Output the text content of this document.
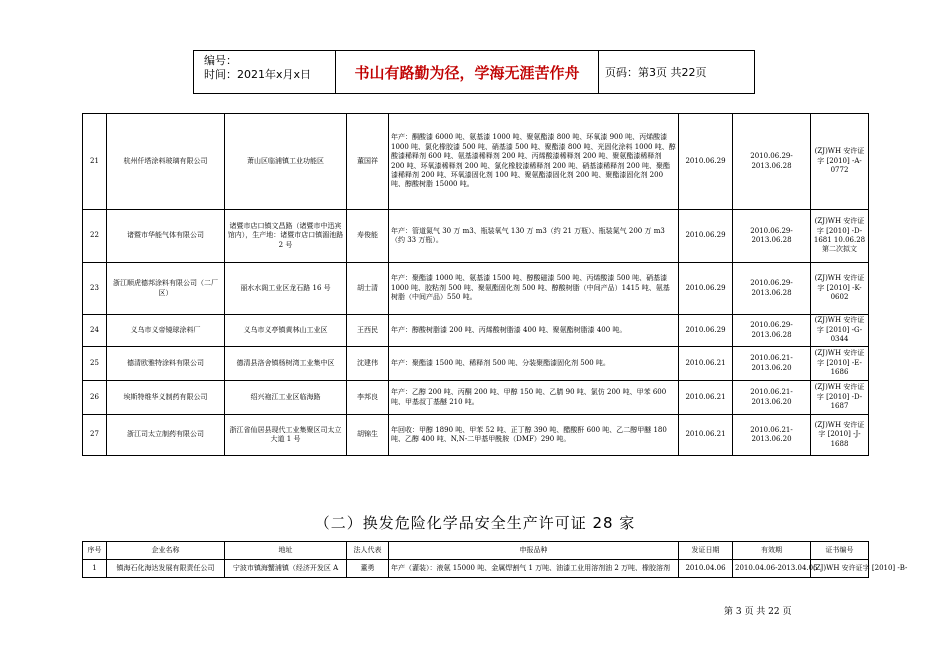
编号：
时间：2021年x月x日	书山有路勤为径，学海无涯苦作舟	页码：第3页 共22页
21	杭州仟塔涂料玻璃有限公司	萧山区临浦镇工业功能区	董国祥	年产：酮酸漆 6000 吨、氨基漆 1000 吨、聚氨酯漆 800 吨、环氧漆 900 吨、丙烯酸漆 1000 吨、氯化橡胶漆 500 吨、硝基漆 500 吨、聚酯漆 800 吨、光固化涂料 1000 吨、醇酸漆稀释剂 600 吨、氨基漆稀释剂 200 吨、丙烯酸漆稀释剂 200 吨、聚氨酯漆稀释剂 200 吨、环氧漆稀释剂 200 吨、氯化橡胶漆稀释剂 200 吨、硝基漆稀释剂 200 吨、聚酯漆稀释剂 200 吨、环氧漆固化剂 100 吨、聚氨酯漆固化剂 200 吨、聚酯漆固化剂 200 吨、醇酸树脂 15000 吨。	2010.06.29	2010.06.29-2013.06.28	(ZJ)WH 安许证字 [2010] -A-0772
22	诸暨市华能气体有限公司	诸暨市店口镇文昌路（诸暨市中迅宾馆内），生产地：诸暨市店口镇湄池路 2 号	寿俊能	年产：管道氮气 30 万 m3、瓶装氧气 130 万 m3（约 21 万瓶）、瓶装氮气 200 万 m3（约 33 万瓶）。	2010.06.29	2010.06.29-2013.06.28	(ZJ)WH 安许证字 [2010] -D-1681 10.06.28 第二次拟文
23	浙江顺虎德邦涂料有限公司（二厂区）	丽水水阁工业区龙石路 16 号	胡士清	年产：聚酯漆 1000 吨、氨基漆 1500 吨、醇酸磁漆 500 吨、丙烯酸漆 500 吨、硝基漆 1000 吨、胶粘剂 500 吨、聚氨酯固化剂 500 吨、醇酸树脂（中间产品）1415 吨、氨基树脂（中间产品）550 吨。	2010.06.29	2010.06.29-2013.06.28	(ZJ)WH 安许证字 [2010] -K-0602
24	义乌市义帝镜球涂料厂	义乌市义亭镇黄林山工业区	王西民	年产：醇酸树脂漆 200 吨、丙烯酸树脂漆 400 吨、聚氨酯树脂漆 400 吨。	2010.06.29	2010.06.29-2013.06.28	(ZJ)WH 安许证字 [2010] -G-0344
25	德清欧雅特涂料有限公司	德清县洛舍镇杨树湾工业集中区	沈建伟	年产：聚酯漆 1500 吨、稀释剂 500 吨、分装聚酯漆固化剂 500 吨。	2010.06.21	2010.06.21-2013.06.20	(ZJ)WH 安许证字 [2010] -E-1686
26	埃斯特维华义制药有限公司	绍兴袍江工业区临海路	李邦良	年产：乙醇 200 吨、丙酮 200 吨、甲醇 150 吨、乙腈 90 吨、氯仿 200 吨、甲苯 600 吨、甲基叔丁基醚 210 吨。	2010.06.21	2010.06.21-2013.06.20	(ZJ)WH 安许证字 [2010] -D-1687
27	浙江司太立制药有限公司	浙江省仙居县现代工业集聚区司太立大道 1 号	胡锦生	年回收：甲醇 1890 吨、甲苯 52 吨、正丁醇 390 吨、醋酸酐 600 吨、乙二醇甲醚 180 吨、乙醇 400 吨、N,N-二甲基甲酰胺（DMF）290 吨。	2010.06.21	2010.06.21-2013.06.20	(ZJ)WH 安许证字 [2010] -J-1688
（二）换发危险化学品安全生产许可证 28 家
序号	企业名称	地址	法人代表	申报品种	发证日期	有效期	证书编号
1	镇海石化海达发展有限责任公司	宁波市镇海蟹浦镇（经济开发区 A	董勇	年产（灌装）：液氨 15000 吨、金属焊割气 1 万吨、油漆工业用溶剂油 2 万吨、橡胶溶剂	2010.04.06	2010.04.06-2013.04.05	(ZJ)WH 安许证字 [2010] -B-
第 3 页 共 22 页
